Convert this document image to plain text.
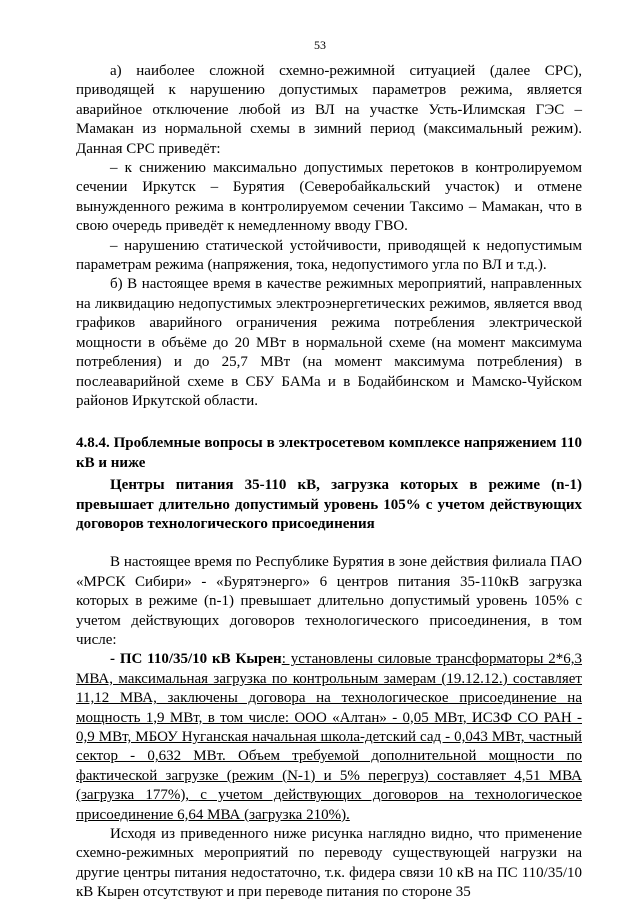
53

а) наиболее сложной схемно-режимной ситуацией (далее СРС), приводящей к нарушению допустимых параметров режима, является аварийное отключение любой из ВЛ на участке Усть-Илимская ГЭС – Мамакан из нормальной схемы в зимний период (максимальный режим). Данная СРС приведёт:

– к снижению максимально допустимых перетоков в контролируемом сечении Иркутск – Бурятия (Северобайкальский участок) и отмене вынужденного режима в контролируемом сечении Таксимо – Мамакан, что в свою очередь приведёт к немедленному вводу ГВО.

– нарушению статической устойчивости, приводящей к недопустимым параметрам режима (напряжения, тока, недопустимого угла по ВЛ и т.д.).

б) В настоящее время в качестве режимных мероприятий, направленных на ликвидацию недопустимых электроэнергетических режимов, является ввод графиков аварийного ограничения режима потребления электрической мощности в объёме до 20 МВт в нормальной схеме (на момент максимума потребления) и до 25,7 МВт (на момент максимума потребления) в послеаварийной схеме в СБУ БАМа и в Бодайбинском и Мамско-Чуйском районов Иркутской области.

4.8.4. Проблемные вопросы в электросетевом комплексе напряжением 110 кВ и ниже

Центры питания 35-110 кВ, загрузка которых в режиме (n-1) превышает длительно допустимый уровень 105% с учетом действующих договоров технологического присоединения

В настоящее время по Республике Бурятия в зоне действия филиала ПАО «МРСК Сибири» - «Бурятэнерго» 6 центров питания 35-110кВ загрузка которых в режиме (n-1) превышает длительно допустимый уровень 105% с учетом действующих договоров технологического присоединения, в том числе:

- ПС 110/35/10 кВ Кырен: установлены силовые трансформаторы 2*6,3 МВА, максимальная загрузка по контрольным замерам (19.12.12.) составляет 11,12 МВА, заключены договора на технологическое присоединение на мощность 1,9 МВт, в том числе: ООО «Алтан» - 0,05 МВт, ИСЗФ СО РАН - 0,9 МВт, МБОУ Нуганская начальная школа-детский сад - 0,043 МВт, частный сектор - 0,632 МВт. Объем требуемой дополнительной мощности по фактической загрузке (режим (N-1) и 5% перегруз) составляет 4,51 МВА (загрузка 177%), с учетом действующих договоров на технологическое присоединение 6,64 МВА (загрузка 210%).

Исходя из приведенного ниже рисунка наглядно видно, что применение схемно-режимных мероприятий по переводу существующей нагрузки на другие центры питания недостаточно, т.к. фидера связи 10 кВ на ПС 110/35/10 кВ Кырен отсутствуют и при переводе питания по стороне 35
